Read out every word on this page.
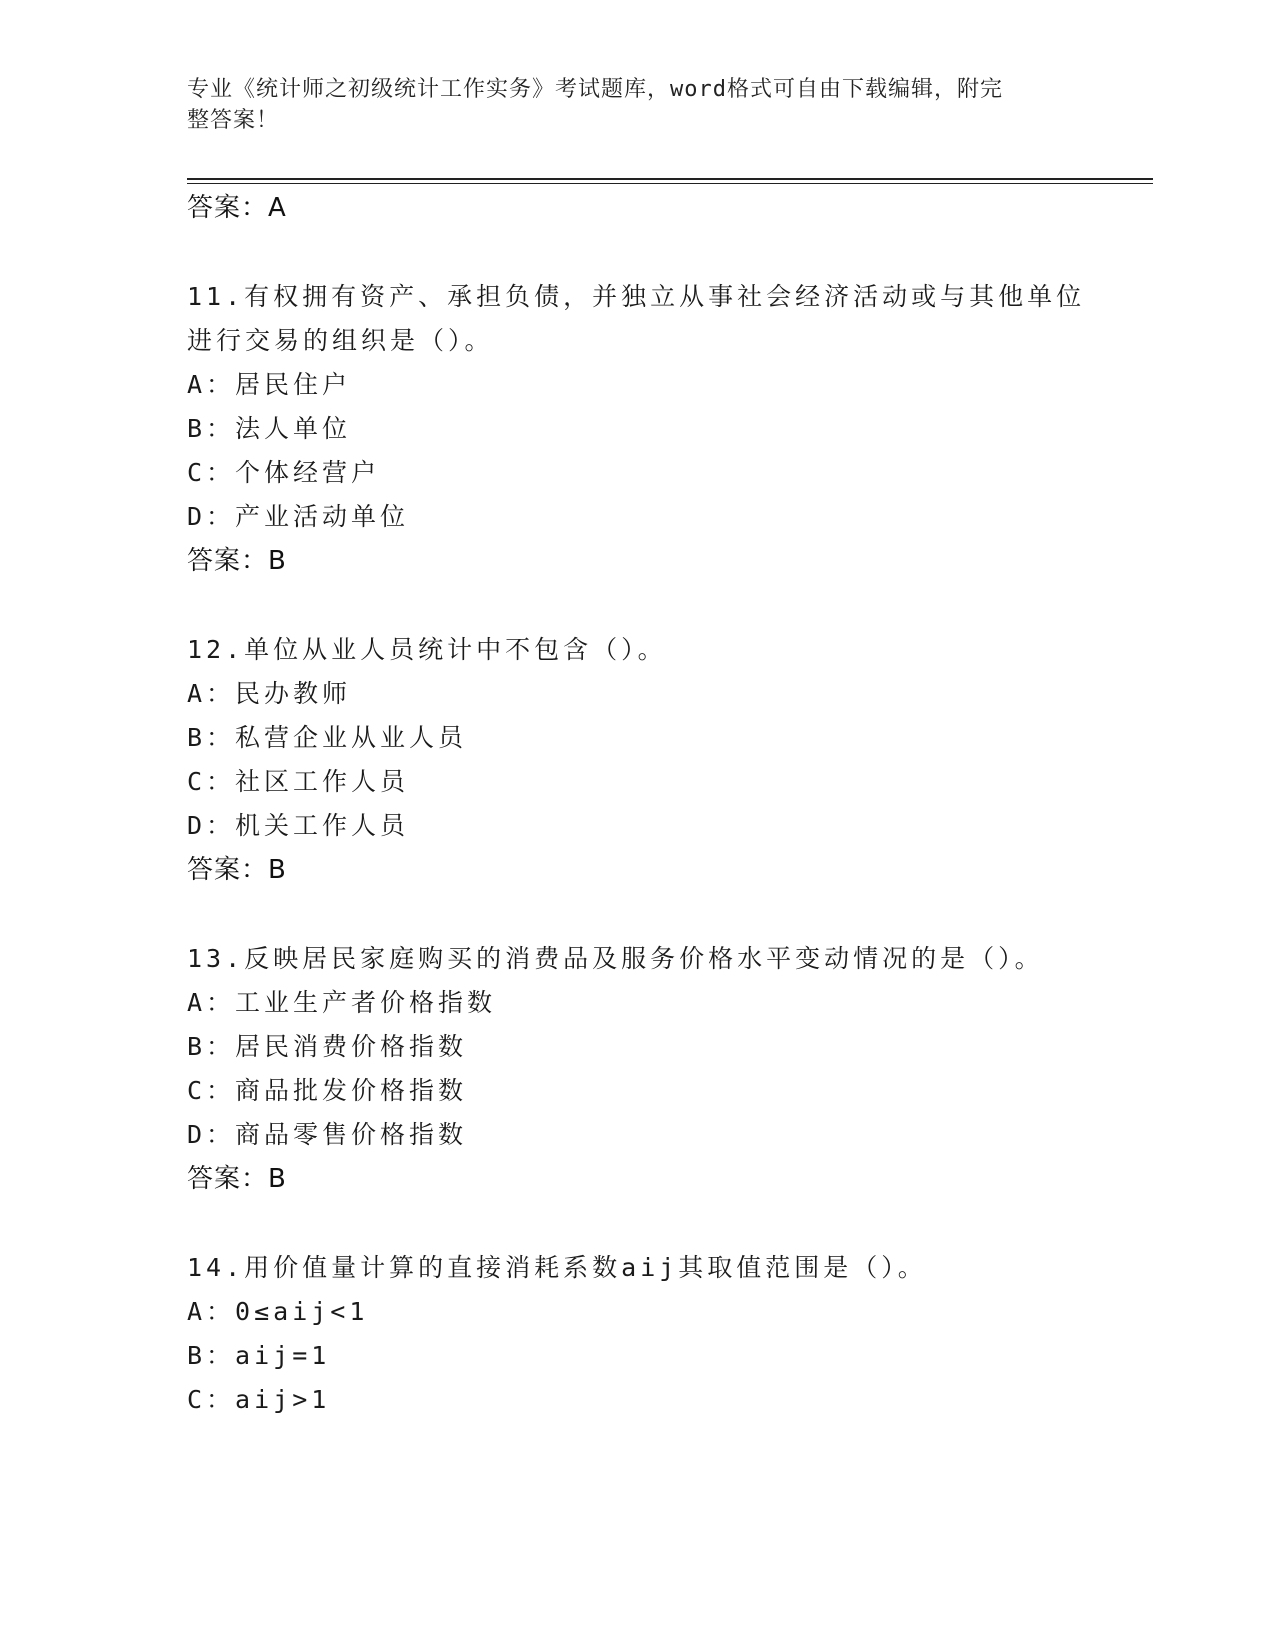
专业《统计师之初级统计工作实务》考试题库，word格式可自由下载编辑，附完
整答案！
答案：A
11.有权拥有资产、承担负债，并独立从事社会经济活动或与其他单位
进行交易的组织是（）。
A：居民住户
B：法人单位
C：个体经营户
D：产业活动单位
答案：B
12.单位从业人员统计中不包含（）。
A：民办教师
B：私营企业从业人员
C：社区工作人员
D：机关工作人员
答案：B
13.反映居民家庭购买的消费品及服务价格水平变动情况的是（）。
A：工业生产者价格指数
B：居民消费价格指数
C：商品批发价格指数
D：商品零售价格指数
答案：B
14.用价值量计算的直接消耗系数aij其取值范围是（）。
A：0≤aij<1
B：aij=1
C：aij>1
